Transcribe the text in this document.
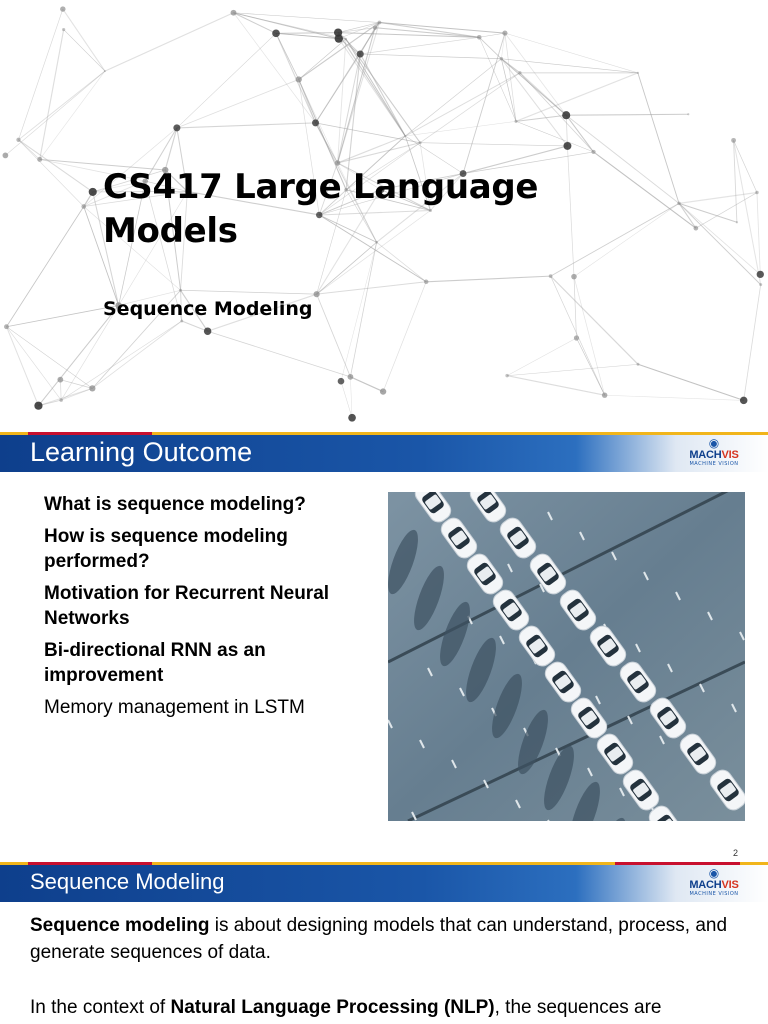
CS417 Large Language Models
Sequence Modeling
Learning Outcome	◉
MACHVIS
MACHINE VISION
What is sequence modeling?
How is sequence modeling performed?
Motivation for Recurrent Neural Networks
Bi-directional RNN as an improvement
Memory management in LSTM
2
Sequence Modeling	◉
MACHVIS
MACHINE VISION
Sequence modeling is about designing models that can understand, process, and generate sequences of data.
In the context of Natural Language Processing (NLP), the sequences are
